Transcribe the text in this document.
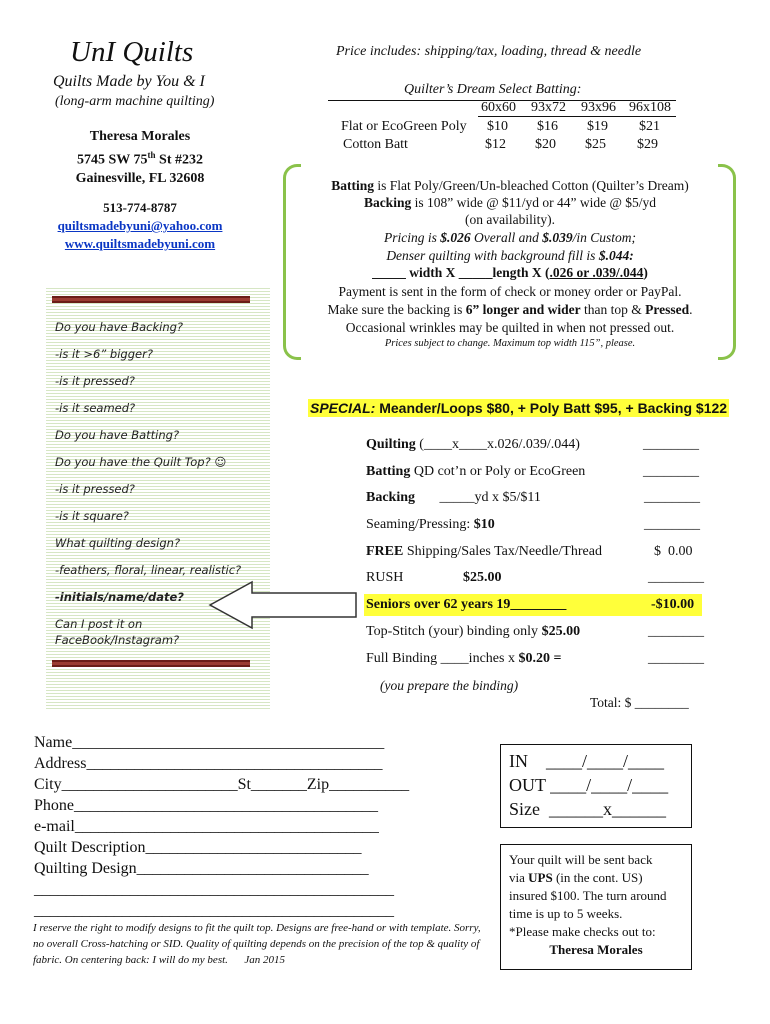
UnI Quilts
Quilts Made by You & I
(long-arm machine quilting)
Theresa Morales
5745 SW 75th St #232
Gainesville, FL 32608
513-774-8787
quiltsmadebyuni@yahoo.com
www.quiltsmadebyuni.com
Do you have Backing?
-is it >6” bigger?
-is it pressed?
-is it seamed?
Do you have Batting?
Do you have the Quilt Top? ☺
-is it pressed?
-is it square?
What quilting design?
-feathers, floral, linear, realistic?
-initials/name/date?
Can I post it on
FaceBook/Instagram?
Price includes: shipping/tax, loading, thread & needle
Quilter’s Dream Select Batting:
60x60 93x72 93x96 96x108
Flat or EcoGreen Poly $10 $16 $19 $21
Cotton Batt	$12 $20 $25 $29
Batting is Flat Poly/Green/Un-bleached Cotton (Quilter’s Dream)
Backing is 108” wide @ $11/yd or 44” wide @ $5/yd
(on availability).
Pricing is $.026 Overall and $.039/in Custom;
Denser quilting with background fill is $.044:
_____ width X _____length X (.026 or .039/.044)
Payment is sent in the form of check or money order or PayPal.
Make sure the backing is 6” longer and wider than top & Pressed.
Occasional wrinkles may be quilted in when not pressed out.
Prices subject to change. Maximum top width 115”, please.
SPECIAL: Meander/Loops $80, + Poly Batt $95, + Backing $122
Quilting (____x____x.026/.039/.044)	________
Batting QD cot’n or Poly or EcoGreen	________
Backing       _____yd x $5/$11	________
Seaming/Pressing: $10	________
FREE Shipping/Sales Tax/Needle/Thread	$  0.00
RUSH	$25.00	________
Seniors over 62 years 19________	-$10.00
Top-Stitch (your) binding only $25.00	________
Full Binding ____inches x $0.20 =	________
(you prepare the binding)
Total: $ ________
Name_______________________________________
Address_____________________________________
City______________________St_______Zip__________
Phone______________________________________
e-mail______________________________________
Quilt Description___________________________
Quilting Design_____________________________
_____________________________________________
_____________________________________________
I reserve the right to modify designs to fit the quilt top. Designs are free-hand or with template. Sorry, no overall Cross-hatching or SID. Quality of quilting depends on the precision of the top & quality of fabric. On centering back: I will do my best. Jan 2015
IN    ____/____/____
OUT ____/____/____
Size  ______x______
Your quilt will be sent back
via UPS (in the cont. US)
insured $100. The turn around
time is up to 5 weeks.
*Please make checks out to:
Theresa Morales
